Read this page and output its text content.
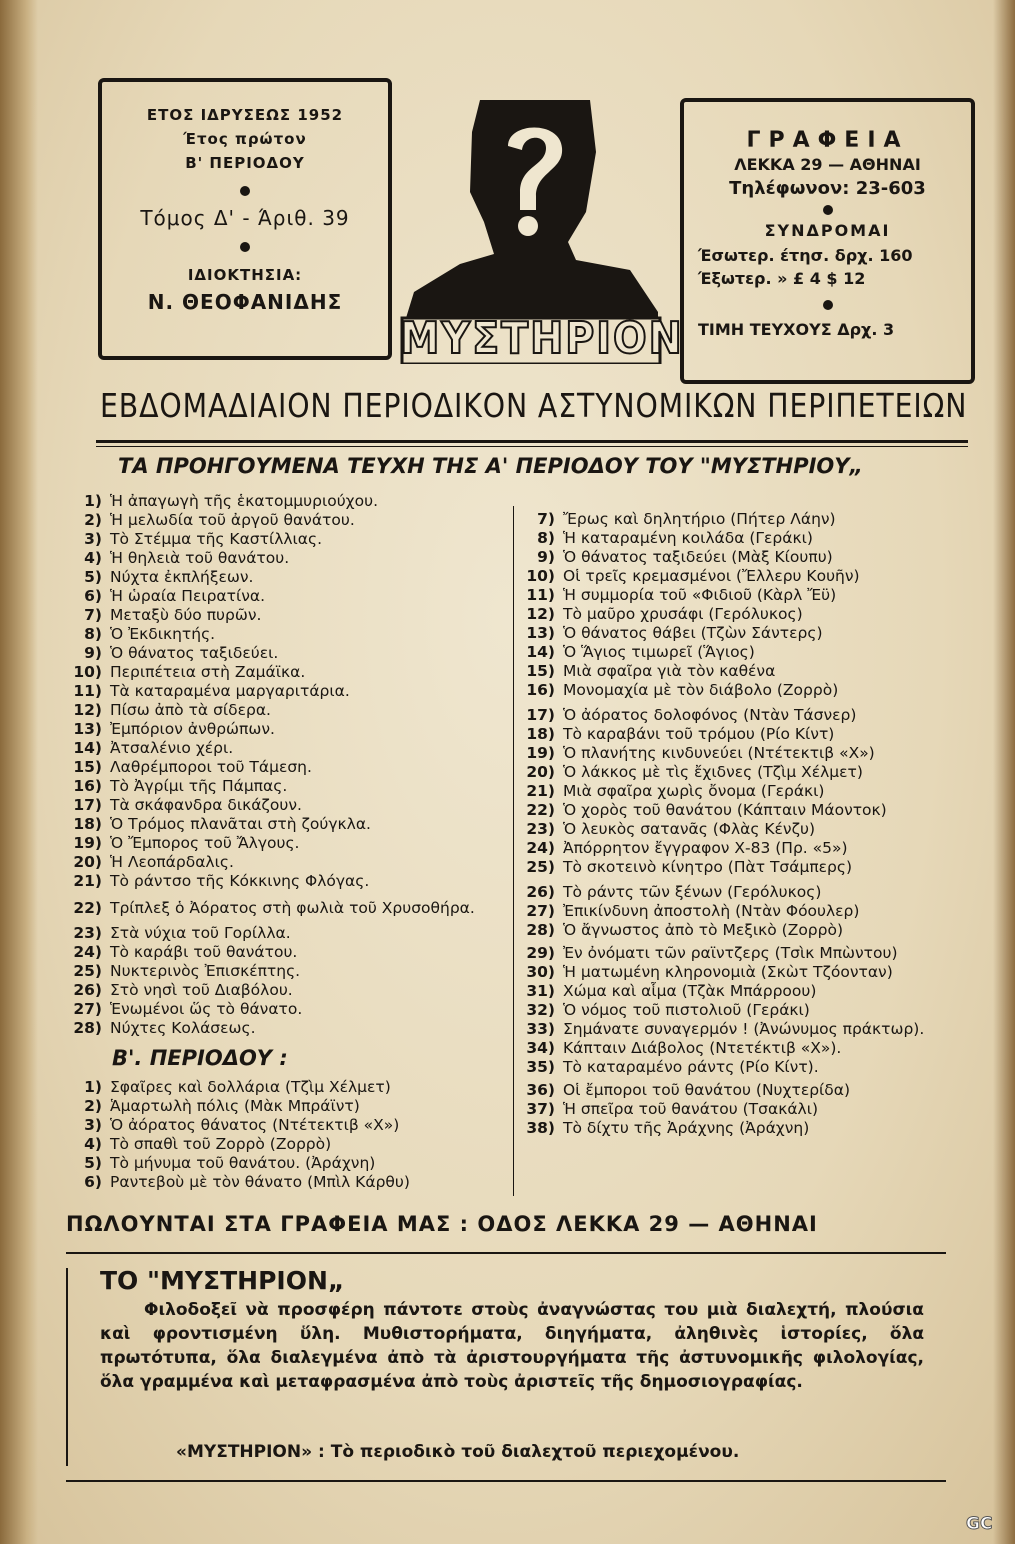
ΕΤΟΣ ΙΔΡΥΣΕΩΣ 1952
Έτος πρώτον
Β' ΠΕΡΙΟΔΟΥ
Τόμος Δ' - Άριθ. 39
ΙΔΙΟΚΤΗΣΙΑ:
Ν. ΘΕΟΦΑΝΙΔΗΣ
ΜΥΣΤΗΡΙΟΝ
ΓΡΑΦΕΙΑ
ΛΕΚΚΑ 29 — ΑΘΗΝΑΙ
Τηλέφωνον: 23-603
ΣΥΝΔΡΟΜΑΙ
Έσωτερ. έτησ. δρχ. 160
Έξωτερ. » £ 4 $ 12
ΤΙΜΗ ΤΕΥΧΟΥΣ Δρχ. 3
ΕΒΔΟΜΑΔΙΑΙΟΝ ΠΕΡΙΟΔΙΚΟΝ ΑΣΤΥΝΟΜΙΚΩΝ ΠΕΡΙΠΕΤΕΙΩΝ
ΤΑ ΠΡΟΗΓΟΥΜΕΝΑ ΤΕΥΧΗ ΤΗΣ Α' ΠΕΡΙΟΔΟΥ ΤΟΥ "ΜΥΣΤΗΡΙΟΥ„
1) Ἡ ἀπαγωγὴ τῆς ἑκατομμυριούχου.
2) Ἡ μελωδία τοῦ ἀργοῦ θανάτου.
3) Τὸ Στέμμα τῆς Καστίλλιας.
4) Ἡ θηλειὰ τοῦ θανάτου.
5) Νύχτα ἐκπλήξεων.
6) Ἡ ὡραία Πειρατίνα.
7) Μεταξὺ δύο πυρῶν.
8) Ὁ Ἐκδικητής.
9) Ὁ θάνατος ταξιδεύει.
10) Περιπέτεια στὴ Ζαμάϊκα.
11) Τὰ καταραμένα μαργαριτάρια.
12) Πίσω ἀπὸ τὰ σίδερα.
13) Ἐμπόριον ἀνθρώπων.
14) Ἀτσαλένιο χέρι.
15) Λαθρέμποροι τοῦ Τάμεση.
16) Τὸ Ἀγρίμι τῆς Πάμπας.
17) Τὰ σκάφανδρα δικάζουν.
18) Ὁ Τρόμος πλανᾶται στὴ ζούγκλα.
19) Ὁ Ἔμπορος τοῦ Ἄλγους.
20) Ἡ Λεοπάρδαλις.
21) Τὸ ράντσο τῆς Κόκκινης Φλόγας.
22) Τρίπλεξ ὁ Ἀόρατος στὴ φωλιὰ τοῦ Χρυσοθήρα.
23) Στὰ νύχια τοῦ Γορίλλα.
24) Τὸ καράβι τοῦ θανάτου.
25) Νυκτερινὸς Ἐπισκέπτης.
26) Στὸ νησὶ τοῦ Διαβόλου.
27) Ἑνωμένοι ὥς τὸ θάνατο.
28) Νύχτες Κολάσεως.
7) Ἔρως καὶ δηλητήριο (Πήτερ Λάην)
8) Ἡ καταραμένη κοιλάδα (Γεράκι)
9) Ὁ θάνατος ταξιδεύει (Μὰξ Κίουπυ)
10) Οἱ τρεῖς κρεμασμένοι (Ἔλλερυ Κουῆν)
11) Ἡ συμμορία τοῦ «Φιδιοῦ (Κὰρλ Ἔϋ)
12) Τὸ μαῦρο χρυσάφι (Γερόλυκος)
13) Ὁ θάνατος θάβει (Τζὼν Σάντερς)
14) Ὁ Ἅγιος τιμωρεῖ (Ἅγιος)
15) Μιὰ σφαῖρα γιὰ τὸν καθένα
16) Μονομαχία μὲ τὸν διάβολο (Ζορρὸ)
17) Ὁ ἀόρατος δολοφόνος (Ντὰν Τάσνερ)
18) Τὸ καραβάνι τοῦ τρόμου (Ρίο Κίντ)
19) Ὁ πλανήτης κινδυνεύει (Ντέτεκτιβ «Χ»)
20) Ὁ λάκκος μὲ τὶς ἔχιδνες (Τζὶμ Χέλμετ)
21) Μιὰ σφαῖρα χωρὶς ὄνομα (Γεράκι)
22) Ὁ χορὸς τοῦ θανάτου (Κάπταιν Μάοντοκ)
23) Ὁ λευκὸς σατανᾶς (Φλὰς Κένζυ)
24) Ἀπόρρητον ἔγγραφον Χ-83 (Πρ. «5»)
25) Τὸ σκοτεινὸ κίνητρο (Πὰτ Τσάμπερς)
26) Τὸ ράντς τῶν ξένων (Γερόλυκος)
27) Ἐπικίνδυνη ἀποστολὴ (Ντὰν Φόουλερ)
28) Ὁ ἄγνωστος ἀπὸ τὸ Μεξικὸ (Ζορρὸ)
29) Ἐν ὀνόματι τῶν ραϊντζερς (Τσὶκ Μπὼντου)
30) Ἡ ματωμένη κληρονομιὰ (Σκὼτ Τζόονταν)
31) Χώμα καὶ αἷμα (Τζὰκ Μπάρροου)
32) Ὁ νόμος τοῦ πιστολιοῦ (Γεράκι)
33) Σημάνατε συναγερμόν ! (Ἀνώνυμος πράκτωρ).
34) Κάπταιν Διάβολος (Ντετέκτιβ «Χ»).
35) Τὸ καταραμένο ράντς (Ρίο Κίντ).
36) Οἱ ἔμποροι τοῦ θανάτου (Νυχτερίδα)
37) Ἡ σπεῖρα τοῦ θανάτου (Τσακάλι)
38) Τὸ δίχτυ τῆς Ἀράχνης (Ἀράχνη)
Β'. ΠΕΡΙΟΔΟΥ :
1) Σφαῖρες καὶ δολλάρια (Τζὶμ Χέλμετ)
2) Ἁμαρτωλὴ πόλις (Μὰκ Μπράϊντ)
3) Ὁ ἀόρατος θάνατος (Ντέτεκτιβ «Χ»)
4) Τὸ σπαθὶ τοῦ Ζορρὸ (Ζορρὸ)
5) Τὸ μήνυμα τοῦ θανάτου. (Ἀράχνη)
6) Ραντεβοὺ μὲ τὸν θάνατο (Μπὶλ Κάρθυ)
ΠΩΛΟΥΝΤΑΙ ΣΤΑ ΓΡΑΦΕΙΑ ΜΑΣ : ΟΔΟΣ ΛΕΚΚΑ 29 — ΑΘΗΝΑΙ
ΤΟ "ΜΥΣΤΗΡΙΟΝ„
Φιλοδοξεῖ νὰ προσφέρη πάντοτε στοὺς ἀναγνώστας του μιὰ διαλεχτή, πλούσια καὶ φροντισμένη ὕλη. Μυθιστορήματα, διηγήματα, ἀληθινὲς ἱστορίες, ὅλα πρωτότυπα, ὅλα διαλεγμένα ἀπὸ τὰ ἀριστουργήματα τῆς ἀστυνομικῆς φιλολογίας, ὅλα γραμμένα καὶ μεταφρασμένα ἀπὸ τοὺς ἀριστεῖς τῆς δημοσιογραφίας.
«ΜΥΣΤΗΡΙΟΝ» : Τὸ περιοδικὸ τοῦ διαλεχτοῦ περιεχομένου.
GC
